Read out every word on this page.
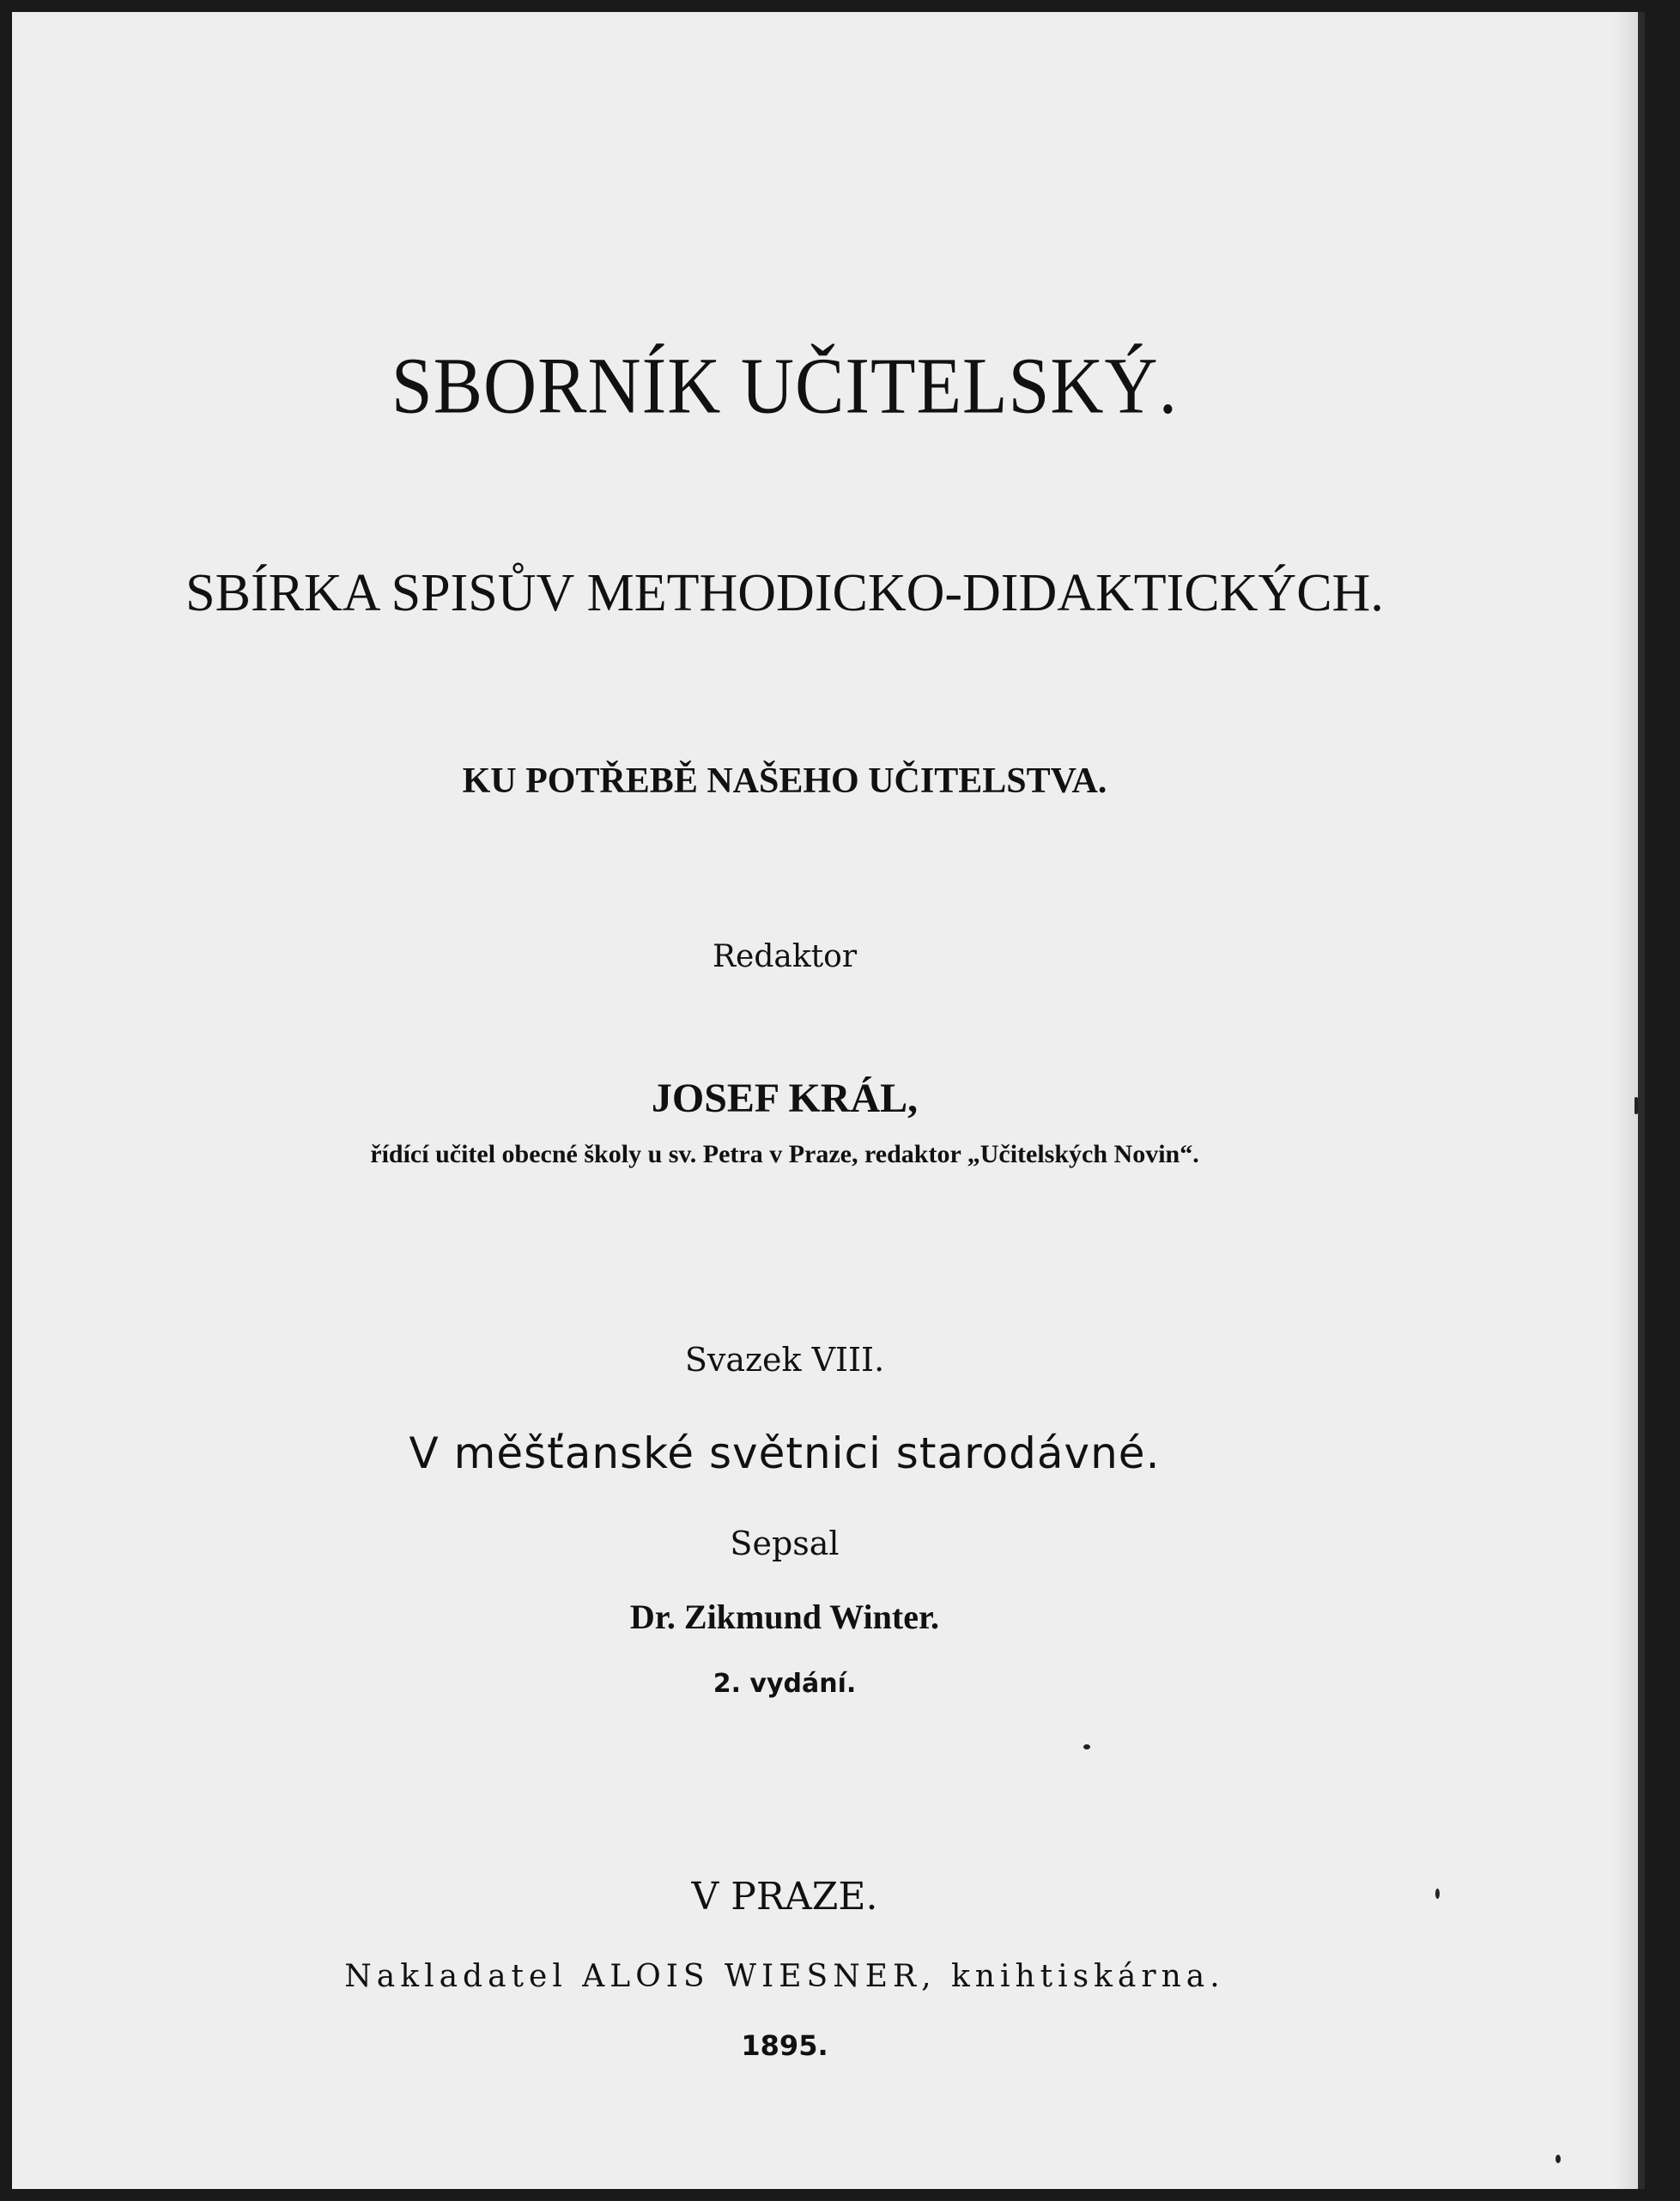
SBORNÍK UČITELSKÝ.
SBÍRKA SPISŮV METHODICKO-DIDAKTICKÝCH.
KU POTŘEBĚ NAŠEHO UČITELSTVA.
Redaktor
JOSEF KRÁL,
řídící učitel obecné školy u sv. Petra v Praze, redaktor „Učitelských Novin“.
Svazek VIII.
V měšťanské světnici starodávné.
Sepsal
Dr. Zikmund Winter.
2. vydání.
V PRAZE.
Nakladatel ALOIS WIESNER, knihtiskárna.
1895.
